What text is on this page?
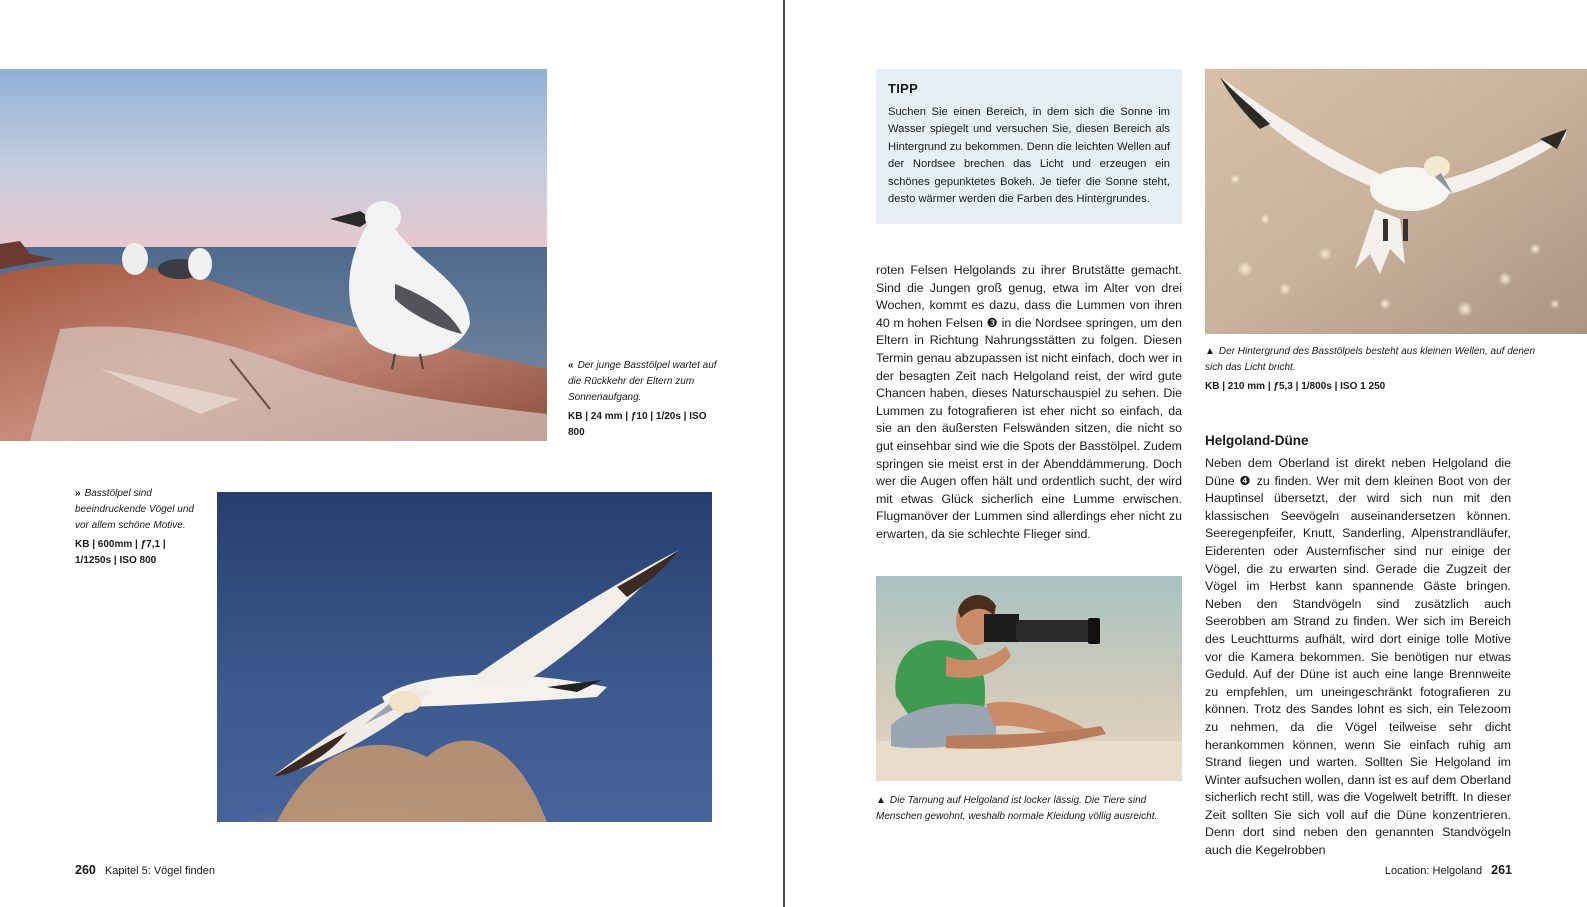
« Der junge Basstölpel wartet auf die Rückkehr der Eltern zum Sonnenaufgang.
KB | 24 mm | ƒ10 | 1/20s | ISO 800
» Basstölpel sind beeindruckende Vögel und vor allem schöne Motive.
KB | 600mm | ƒ7,1 | 1/1250s | ISO 800
260 Kapitel 5: Vögel finden
TIPP
Suchen Sie einen Bereich, in dem sich die Sonne im Wasser spiegelt und versuchen Sie, diesen Bereich als Hintergrund zu bekommen. Denn die leichten Wellen auf der Nordsee brechen das Licht und erzeugen ein schönes gepunktetes Bokeh. Je tiefer die Sonne steht, desto wärmer werden die Farben des Hintergrundes.
roten Felsen Helgolands zu ihrer Brutstätte gemacht. Sind die Jungen groß genug, etwa im Alter von drei Wochen, kommt es dazu, dass die Lummen von ihren 40 m hohen Felsen ❸ in die Nordsee springen, um den Eltern in Richtung Nahrungsstätten zu folgen. Diesen Termin genau abzupassen ist nicht einfach, doch wer in der besagten Zeit nach Helgoland reist, der wird gute Chancen haben, dieses Naturschauspiel zu sehen. Die Lummen zu fotografieren ist eher nicht so einfach, da sie an den äußersten Felswänden sitzen, die nicht so gut einsehbar sind wie die Spots der Basstölpel. Zudem springen sie meist erst in der Abenddämmerung. Doch wer die Augen offen hält und ordentlich sucht, der wird mit etwas Glück sicherlich eine Lumme erwischen. Flugmanöver der Lummen sind allerdings eher nicht zu erwarten, da sie schlechte Flieger sind.
▲ Die Tarnung auf Helgoland ist locker lässig. Die Tiere sind Menschen gewohnt, weshalb normale Kleidung völlig ausreicht.
▲ Der Hintergrund des Basstölpels besteht aus kleinen Wellen, auf denen sich das Licht bricht.
KB | 210 mm | ƒ5,3 | 1/800s | ISO 1 250
Helgoland-Düne
Neben dem Oberland ist direkt neben Helgoland die Düne ❹ zu finden. Wer mit dem kleinen Boot von der Hauptinsel übersetzt, der wird sich nun mit den klassischen Seevögeln auseinandersetzen können. Seeregenpfeifer, Knutt, Sanderling, Alpenstrandläufer, Eiderenten oder Austernfischer sind nur einige der Vögel, die zu erwarten sind. Gerade die Zugzeit der Vögel im Herbst kann spannende Gäste bringen. Neben den Standvögeln sind zusätzlich auch Seerobben am Strand zu finden. Wer sich im Bereich des Leuchtturms aufhält, wird dort einige tolle Motive vor die Kamera bekommen. Sie benötigen nur etwas Geduld. Auf der Düne ist auch eine lange Brennweite zu empfehlen, um uneingeschränkt fotografieren zu können. Trotz des Sandes lohnt es sich, ein Telezoom zu nehmen, da die Vögel teilweise sehr dicht herankommen können, wenn Sie einfach ruhig am Strand liegen und warten. Sollten Sie Helgoland im Winter aufsuchen wollen, dann ist es auf dem Oberland sicherlich recht still, was die Vogelwelt betrifft. In dieser Zeit sollten Sie sich voll auf die Düne konzentrieren. Denn dort sind neben den genannten Standvögeln auch die Kegelrobben
Location: Helgoland 261
